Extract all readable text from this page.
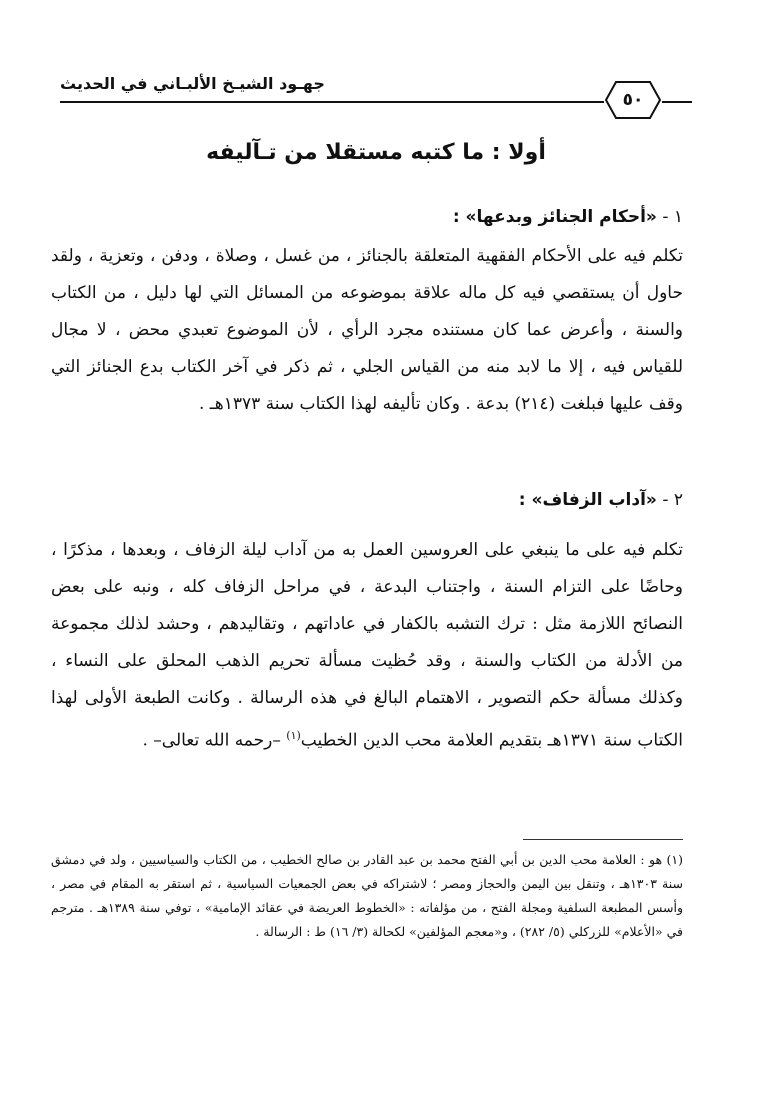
جهـود الشيـخ الألبـاني في الحديث
٥٠
أولا : ما كتبه مستقلا من تـآليفه
١ - «أحكام الجنائز وبدعها» :
تكلم فيه على الأحكام الفقهية المتعلقة بالجنائز ، من غسل ، وصلاة ، ودفن ، وتعزية ، ولقد حاول أن يستقصي فيه كل ماله علاقة بموضوعه من المسائل التي لها دليل ، من الكتاب والسنة ، وأعرض عما كان مستنده مجرد الرأي ، لأن الموضوع تعبدي محض ، لا مجال للقياس فيه ، إلا ما لابد منه من القياس الجلي ، ثم ذكر في آخر الكتاب بدع الجنائز التي وقف عليها فبلغت (٢١٤) بدعة . وكان تأليفه لهذا الكتاب سنة ١٣٧٣هـ .
٢ - «آداب الزفاف» :
تكلم فيه على ما ينبغي على العروسين العمل به من آداب ليلة الزفاف ، وبعدها ، مذكرًا ، وحاضًا على التزام السنة ، واجتناب البدعة ، في مراحل الزفاف كله ، ونبه على بعض النصائح اللازمة مثل : ترك التشبه بالكفار في عاداتهم ، وتقاليدهم ، وحشد لذلك مجموعة من الأدلة من الكتاب والسنة ، وقد حُظيت مسألة تحريم الذهب المحلق على النساء ، وكذلك مسألة حكم التصوير ، الاهتمام البالغ في هذه الرسالة . وكانت الطبعة الأولى لهذا الكتاب سنة ١٣٧١هـ بتقديم العلامة محب الدين الخطيب$^{(١)}$ –رحمه الله تعالى– .
(١) هو : العلامة محب الدين بن أبي الفتح محمد بن عبد القادر بن صالح الخطيب ، من الكتاب والسياسيين ، ولد في دمشق سنة ١٣٠٣هـ ، وتنقل بين اليمن والحجاز ومصر ؛ لاشتراكه في بعض الجمعيات السياسية ، ثم استقر به المقام في مصر ، وأسس المطبعة السلفية ومجلة الفتح ، من مؤلفاته : «الخطوط العريضة في عقائد الإمامية» ، توفي سنة ١٣٨٩هـ . مترجم في «الأعلام» للزركلي (٥/ ٢٨٢) ، و«معجم المؤلفين» لكحالة (٣/ ١٦) ط : الرسالة .
